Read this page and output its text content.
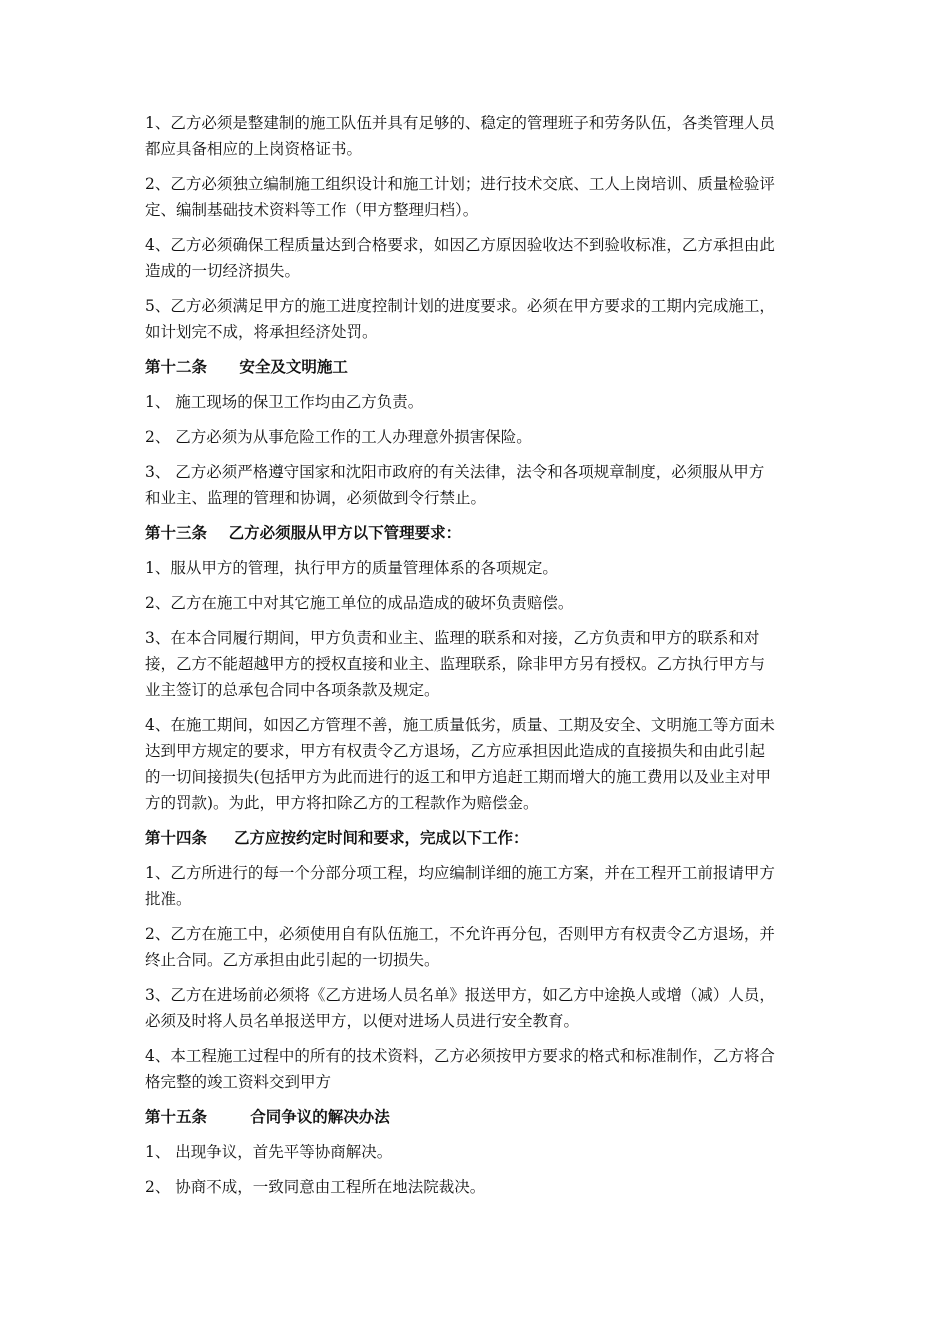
1、乙方必须是整建制的施工队伍并具有足够的、稳定的管理班子和劳务队伍，各类管理人员都应具备相应的上岗资格证书。

2、乙方必须独立编制施工组织设计和施工计划；进行技术交底、工人上岗培训、质量检验评定、编制基础技术资料等工作（甲方整理归档）。

4、乙方必须确保工程质量达到合格要求，如因乙方原因验收达不到验收标准，乙方承担由此造成的一切经济损失。

5、乙方必须满足甲方的施工进度控制计划的进度要求。必须在甲方要求的工期内完成施工，如计划完不成，将承担经济处罚。

第十二条 安全及文明施工

1、 施工现场的保卫工作均由乙方负责。

2、 乙方必须为从事危险工作的工人办理意外损害保险。

3、 乙方必须严格遵守国家和沈阳市政府的有关法律，法令和各项规章制度，必须服从甲方和业主、监理的管理和协调，必须做到令行禁止。

第十三条 乙方必须服从甲方以下管理要求：

1、服从甲方的管理，执行甲方的质量管理体系的各项规定。

2、乙方在施工中对其它施工单位的成品造成的破坏负责赔偿。

3、在本合同履行期间，甲方负责和业主、监理的联系和对接，乙方负责和甲方的联系和对接，乙方不能超越甲方的授权直接和业主、监理联系，除非甲方另有授权。乙方执行甲方与业主签订的总承包合同中各项条款及规定。

4、在施工期间，如因乙方管理不善，施工质量低劣，质量、工期及安全、文明施工等方面未达到甲方规定的要求，甲方有权责令乙方退场，乙方应承担因此造成的直接损失和由此引起的一切间接损失(包括甲方为此而进行的返工和甲方追赶工期而增大的施工费用以及业主对甲方的罚款)。为此，甲方将扣除乙方的工程款作为赔偿金。

第十四条 乙方应按约定时间和要求，完成以下工作：

1、乙方所进行的每一个分部分项工程，均应编制详细的施工方案，并在工程开工前报请甲方批准。

2、乙方在施工中，必须使用自有队伍施工，不允许再分包，否则甲方有权责令乙方退场，并终止合同。乙方承担由此引起的一切损失。

3、乙方在进场前必须将《乙方进场人员名单》报送甲方，如乙方中途换人或增（减）人员，必须及时将人员名单报送甲方，以便对进场人员进行安全教育。

4、本工程施工过程中的所有的技术资料，乙方必须按甲方要求的格式和标准制作，乙方将合格完整的竣工资料交到甲方

第十五条	合同争议的解决办法

1、 出现争议，首先平等协商解决。

2、 协商不成，一致同意由工程所在地法院裁决。
